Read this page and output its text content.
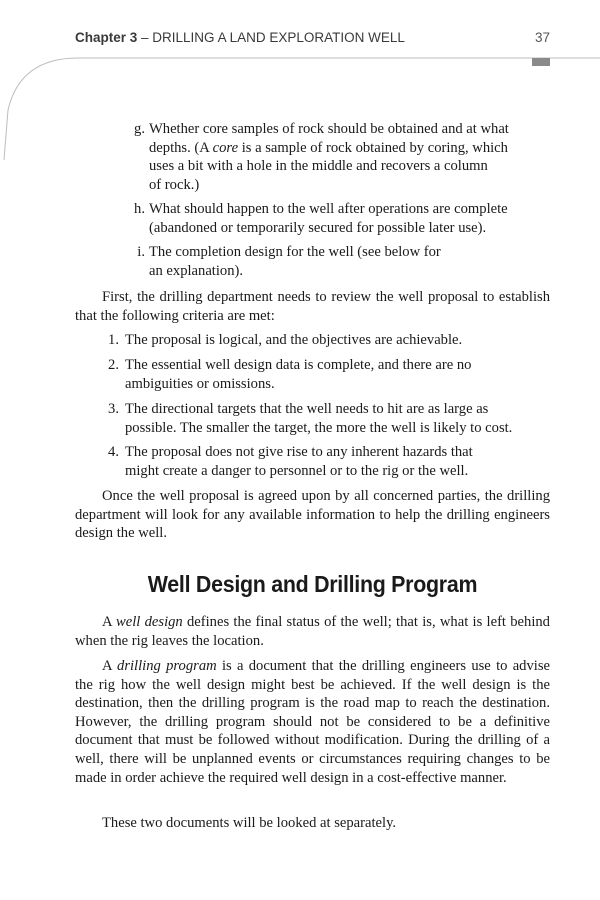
Chapter 3 – DRILLING A LAND EXPLORATION WELL	37
g. Whether core samples of rock should be obtained and at what
depths. (A core is a sample of rock obtained by coring, which
uses a bit with a hole in the middle and recovers a column
of rock.)
h. What should happen to the well after operations are complete
(abandoned or temporarily secured for possible later use).
i. The completion design for the well (see below for
an explanation).

First, the drilling department needs to review the well proposal to establish that the following criteria are met:

1. The proposal is logical, and the objectives are achievable.
2. The essential well design data is complete, and there are no
ambiguities or omissions.
3. The directional targets that the well needs to hit are as large as
possible. The smaller the target, the more the well is likely to cost.
4. The proposal does not give rise to any inherent hazards that
might create a danger to personnel or to the rig or the well.

Once the well proposal is agreed upon by all concerned parties, the drilling department will look for any available information to help the drilling engineers design the well.

Well Design and Drilling Program

A well design defines the final status of the well; that is, what is left behind when the rig leaves the location.

A drilling program is a document that the drilling engineers use to advise the rig how the well design might best be achieved. If the well design is the destination, then the drilling program is the road map to reach the destination. However, the drilling program should not be considered to be a definitive document that must be followed without modification. During the drilling of a well, there will be unplanned events or circumstances requiring changes to be made in order achieve the required well design in a cost-effective manner.

These two documents will be looked at separately.
